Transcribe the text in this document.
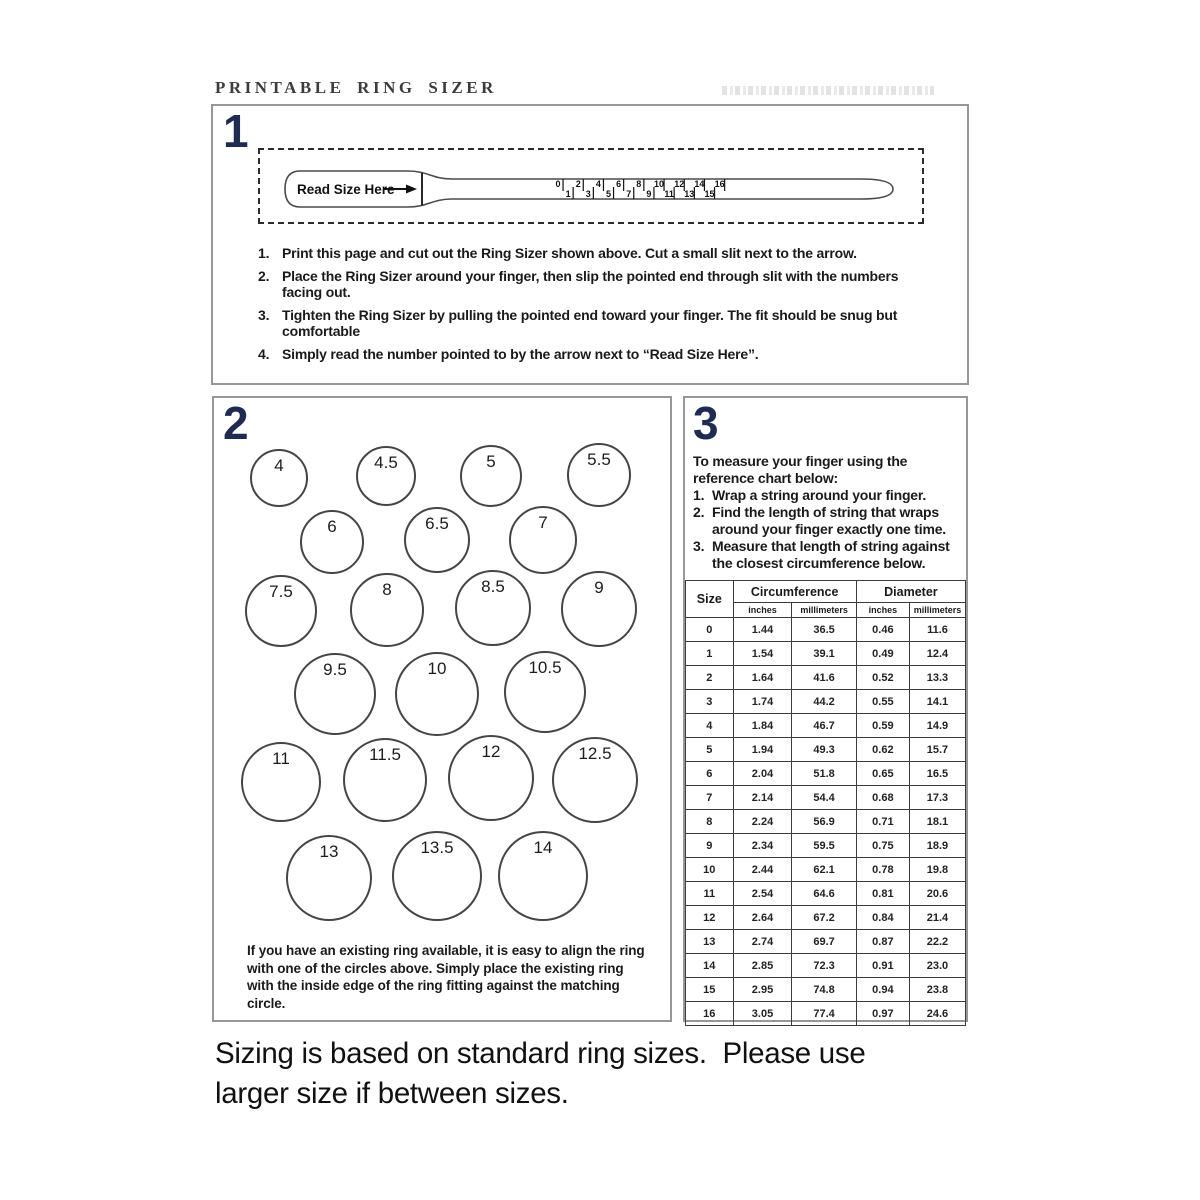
PRINTABLE RING SIZER
1
Read Size Here	0
1
2
3
4
5
6
7
8
9
10
11
12
13
14
15
16
1. Print this page and cut out the Ring Sizer shown above. Cut a small slit next to the arrow.
2. Place the Ring Sizer around your finger, then slip the pointed end through slit with the numbers facing out.
3. Tighten the Ring Sizer by pulling the pointed end toward your finger. The fit should be snug but comfortable
4. Simply read the number pointed to by the arrow next to “Read Size Here”.
2
4	4.5	5	5.5
6	6.5	7
7.5	8	8.5	9
9.5	10	10.5
11	11.5	12	12.5
13	13.5	14
If you have an existing ring available, it is easy to align the ring with one of the circles above. Simply place the existing ring with the inside edge of the ring fitting against the matching circle.
3
To measure your finger using the reference chart below:
1. Wrap a string around your finger.
2. Find the length of string that wraps around your finger exactly one time.
3. Measure that length of string against the closest circumference below.
Size	Circumference		Diameter	
	inches	millimeters	inches	millimeters
0	1.44	36.5	0.46	11.6
1	1.54	39.1	0.49	12.4
2	1.64	41.6	0.52	13.3
3	1.74	44.2	0.55	14.1
4	1.84	46.7	0.59	14.9
5	1.94	49.3	0.62	15.7
6	2.04	51.8	0.65	16.5
7	2.14	54.4	0.68	17.3
8	2.24	56.9	0.71	18.1
9	2.34	59.5	0.75	18.9
10	2.44	62.1	0.78	19.8
11	2.54	64.6	0.81	20.6
12	2.64	67.2	0.84	21.4
13	2.74	69.7	0.87	22.2
14	2.85	72.3	0.91	23.0
15	2.95	74.8	0.94	23.8
16	3.05	77.4	0.97	24.6
Sizing is based on standard ring sizes.  Please use
larger size if between sizes.
